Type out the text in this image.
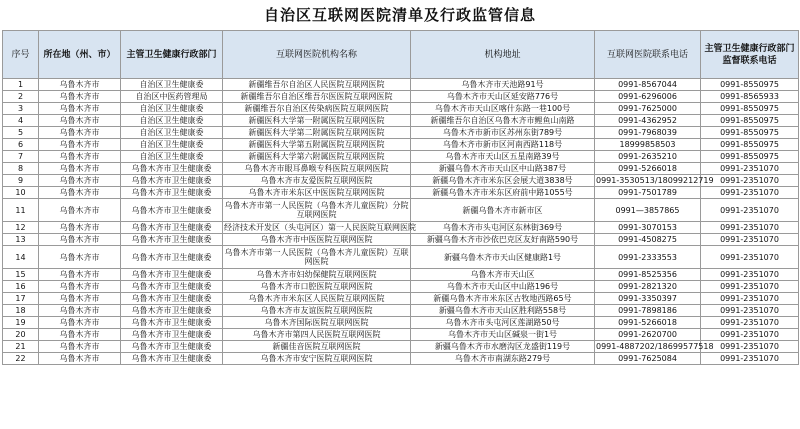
自治区互联网医院清单及行政监管信息
序号	所在地（州、市）	主管卫生健康行政部门	互联网医院机构名称	机构地址	互联网医院联系电话	主管卫生健康行政部门监督联系电话
1	乌鲁木齐市	自治区卫生健康委	新疆维吾尔自治区人民医院互联网医院	乌鲁木齐市天池路91号	0991-8567044	0991-8550975
2	乌鲁木齐市	自治区中医药管理局	新疆维吾尔自治区维吾尔医医院互联网医院	乌鲁木齐市天山区延安路776号	0991-6296006	0991-8565933
3	乌鲁木齐市	自治区卫生健康委	新疆维吾尔自治区传染病医院互联网医院	乌鲁木齐市天山区喀什东路一巷100号	0991-7625000	0991-8550975
4	乌鲁木齐市	自治区卫生健康委	新疆医科大学第一附属医院互联网医院	新疆维吾尔自治区乌鲁木齐市鲤鱼山南路	0991-4362952	0991-8550975
5	乌鲁木齐市	自治区卫生健康委	新疆医科大学第二附属医院互联网医院	乌鲁木齐市新市区苏州东街789号	0991-7968039	0991-8550975
6	乌鲁木齐市	自治区卫生健康委	新疆医科大学第五附属医院互联网医院	乌鲁木齐市新市区河南西路118号	18999858503	0991-8550975
7	乌鲁木齐市	自治区卫生健康委	新疆医科大学第六附属医院互联网医院	乌鲁木齐市天山区五星南路39号	0991-2635210	0991-8550975
8	乌鲁木齐市	乌鲁木齐市卫生健康委	乌鲁木齐市眼耳鼻喉专科医院互联网医院	新疆乌鲁木齐市天山区中山路387号	0991-5266018	0991-2351070
9	乌鲁木齐市	乌鲁木齐市卫生健康委	乌鲁木齐市友爱医院互联网医院	新疆乌鲁木齐市米东区会展大道3838号	0991-3530513/18099212719	0991-2351070
10	乌鲁木齐市	乌鲁木齐市卫生健康委	乌鲁木齐市米东区中医医院互联网医院	新疆乌鲁木齐市米东区府前中路1055号	0991-7501789	0991-2351070
11	乌鲁木齐市	乌鲁木齐市卫生健康委	乌鲁木齐市第一人民医院（乌鲁木齐儿童医院）分院互联网医院	新疆乌鲁木齐市新市区	0991—3857865	0991-2351070
12	乌鲁木齐市	乌鲁木齐市卫生健康委	经济技术开发区（头屯河区）第一人民医院互联网医院	乌鲁木齐市头屯河区东林街369号	0991-3070153	0991-2351070
13	乌鲁木齐市	乌鲁木齐市卫生健康委	乌鲁木齐市中医医院互联网医院	新疆乌鲁木齐市沙依巴克区友好南路590号	0991-4508275	0991-2351070
14	乌鲁木齐市	乌鲁木齐市卫生健康委	乌鲁木齐市第一人民医院（乌鲁木齐儿童医院）互联网医院	新疆乌鲁木齐市天山区健康路1号	0991-2333553	0991-2351070
15	乌鲁木齐市	乌鲁木齐市卫生健康委	乌鲁木齐市妇幼保健院互联网医院	乌鲁木齐市天山区	0991-8525356	0991-2351070
16	乌鲁木齐市	乌鲁木齐市卫生健康委	乌鲁木齐市口腔医院互联网医院	乌鲁木齐市天山区中山路196号	0991-2821320	0991-2351070
17	乌鲁木齐市	乌鲁木齐市卫生健康委	乌鲁木齐市米东区人民医院互联网医院	新疆乌鲁木齐市米东区古牧地西路65号	0991-3350397	0991-2351070
18	乌鲁木齐市	乌鲁木齐市卫生健康委	乌鲁木齐市友谊医院互联网医院	新疆乌鲁木齐市天山区胜利路558号	0991-7898186	0991-2351070
19	乌鲁木齐市	乌鲁木齐市卫生健康委	乌鲁木齐国际医院互联网医院	乌鲁木齐市头屯河区莲湖路50号	0991-5266018	0991-2351070
20	乌鲁木齐市	乌鲁木齐市卫生健康委	乌鲁木齐市第四人民医院互联网医院	乌鲁木齐市天山区碱泉一街1号	0991-2620700	0991-2351070
21	乌鲁木齐市	乌鲁木齐市卫生健康委	新疆佳音医院互联网医院	新疆乌鲁木齐市水磨沟区龙盛街119号	0991-4887202/18699577518	0991-2351070
22	乌鲁木齐市	乌鲁木齐市卫生健康委	乌鲁木齐市安宁医院互联网医院	乌鲁木齐市南湖东路279号	0991-7625084	0991-2351070
